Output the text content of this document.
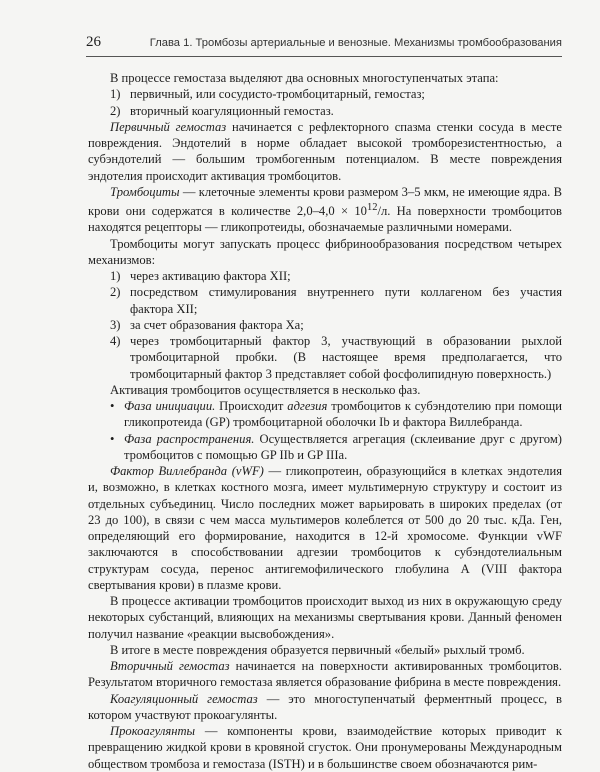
26	Глава 1. Тромбозы артериальные и венозные. Механизмы тромбообразования

В процессе гемостаза выделяют два основных многоступенчатых этапа:

1) первичный, или сосудисто-тромбоцитарный, гемостаз;
2) вторичный коагуляционный гемостаз.

Первичный гемостаз начинается с рефлекторного спазма стенки сосуда в месте повреждения. Эндотелий в норме обладает высокой тромборезистентностью, а субэндотелий — большим тромбогенным потенциалом. В месте повреждения эндотелия происходит активация тромбоцитов.

Тромбоциты — клеточные элементы крови размером 3–5 мкм, не имеющие ядра. В крови они содержатся в количестве $2,0-4,0 \times 10^{12}/л$. На поверхности тромбоцитов находятся рецепторы — гликопротеиды, обозначаемые различными номерами.

Тромбоциты могут запускать процесс фибринообразования посредством четырех механизмов:

1) через активацию фактора XII;
2) посредством стимулирования внутреннего пути коллагеном без участия фактора XII;
3) за счет образования фактора Ха;
4) через тромбоцитарный фактор 3, участвующий в образовании рыхлой тромбоцитарной пробки. (В настоящее время предполагается, что тромбоцитарный фактор 3 представляет собой фосфолипидную поверхность.)

Активация тромбоцитов осуществляется в несколько фаз.

• Фаза инициации. Происходит адгезия тромбоцитов к субэндотелию при помощи гликопротеида (GP) тромбоцитарной оболочки Ib и фактора Виллебранда.
• Фаза распространения. Осуществляется агрегация (склеивание друг с другом) тромбоцитов с помощью GP IIb и GP IIIa.

Фактор Виллебранда (vWF) — гликопротеин, образующийся в клетках эндотелия и, возможно, в клетках костного мозга, имеет мультимерную структуру и состоит из отдельных субъединиц. Число последних может варьировать в широких пределах (от 23 до 100), в связи с чем масса мультимеров колеблется от 500 до 20 тыс. кДа. Ген, определяющий его формирование, находится в 12-й хромосоме. Функции vWF заключаются в способствовании адгезии тромбоцитов к субэндотелиальным структурам сосуда, перенос антигемофилического глобулина А (VIII фактора свертывания крови) в плазме крови.

В процессе активации тромбоцитов происходит выход из них в окружающую среду некоторых субстанций, влияющих на механизмы свертывания крови. Данный феномен получил название «реакции высвобождения».

В итоге в месте повреждения образуется первичный «белый» рыхлый тромб.

Вторичный гемостаз начинается на поверхности активированных тромбоцитов. Результатом вторичного гемостаза является образование фибрина в месте повреждения.

Коагуляционный гемостаз — это многоступенчатый ферментный процесс, в котором участвуют прокоагулянты.

Прокоагулянты — компоненты крови, взаимодействие которых приводит к превращению жидкой крови в кровяной сгусток. Они пронумерованы Международным обществом тромбоза и гемостаза (ISTH) и в большинстве своем обозначаются рим-
